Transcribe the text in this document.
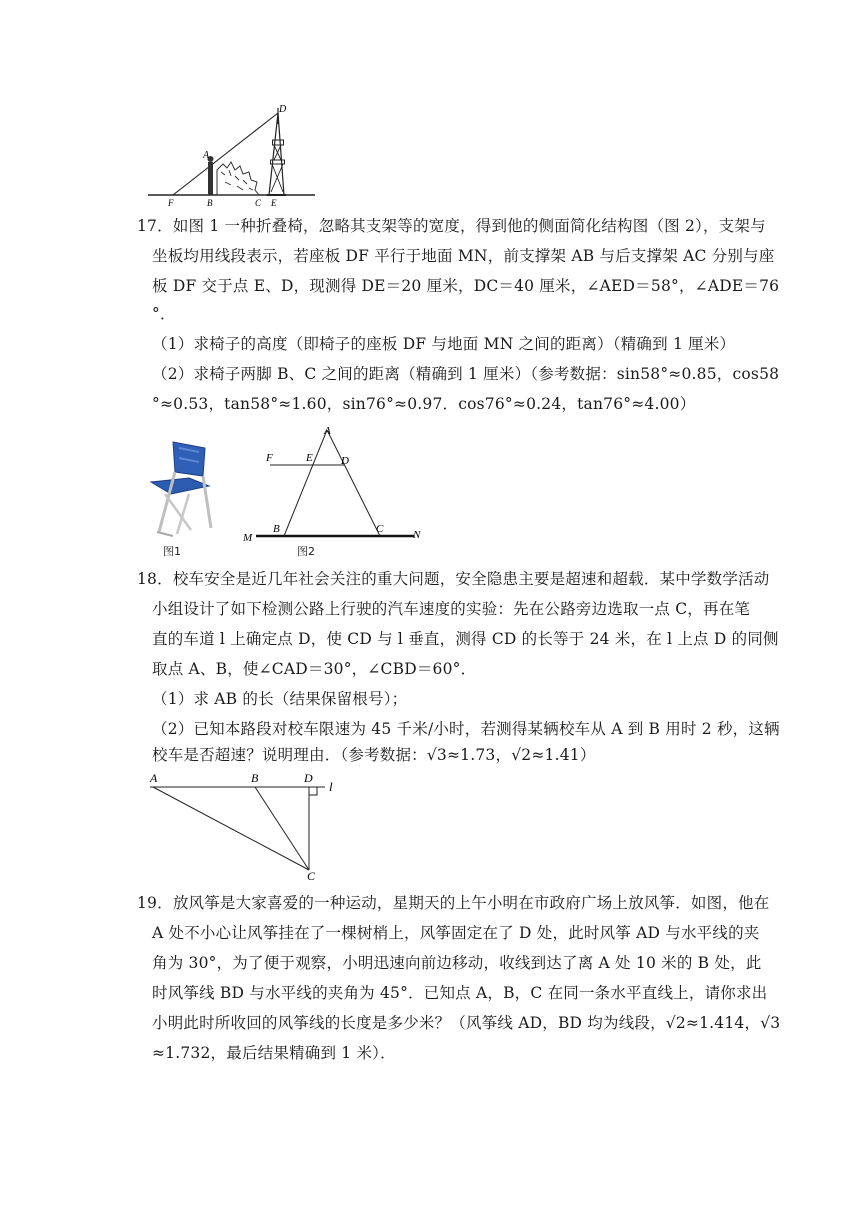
D
A
F	B	C E
17．如图 1 一种折叠椅，忽略其支架等的宽度，得到他的侧面简化结构图（图 2），支架与
坐板均用线段表示，若座板 DF 平行于地面 MN，前支撑架 AB 与后支撑架 AC 分别与座
板 DF 交于点 E、D，现测得 DE＝20 厘米，DC＝40 厘米，∠AED＝58°，∠ADE＝76
°．
（1）求椅子的高度（即椅子的座板 DF 与地面 MN 之间的距离）（精确到 1 厘米）
（2）求椅子两脚 B、C 之间的距离（精确到 1 厘米）（参考数据：sin58°≈0.85，cos58
°≈0.53，tan58°≈1.60，sin76°≈0.97．cos76°≈0.24，tan76°≈4.00）
图1
A
F	E	D
B	C
M	N
图2
18．校车安全是近几年社会关注的重大问题，安全隐患主要是超速和超载．某中学数学活动
小组设计了如下检测公路上行驶的汽车速度的实验：先在公路旁边选取一点 C，再在笔
直的车道 l 上确定点 D，使 CD 与 l 垂直，测得 CD 的长等于 24 米，在 l 上点 D 的同侧
取点 A、B，使∠CAD＝30°，∠CBD＝60°．
（1）求 AB 的长（结果保留根号）；
（2）已知本路段对校车限速为 45 千米/小时，若测得某辆校车从 A 到 B 用时 2 秒，这辆
校车是否超速？说明理由．（参考数据：√3≈1.73，√2≈1.41）
A	B	D
l
C
19．放风筝是大家喜爱的一种运动，星期天的上午小明在市政府广场上放风筝．如图，他在
A 处不小心让风筝挂在了一棵树梢上，风筝固定在了 D 处，此时风筝 AD 与水平线的夹
角为 30°，为了便于观察，小明迅速向前边移动，收线到达了离 A 处 10 米的 B 处，此
时风筝线 BD 与水平线的夹角为 45°．已知点 A，B，C 在同一条水平直线上，请你求出
小明此时所收回的风筝线的长度是多少米？（风筝线 AD，BD 均为线段，√2≈1.414，√3
≈1.732，最后结果精确到 1 米）．
